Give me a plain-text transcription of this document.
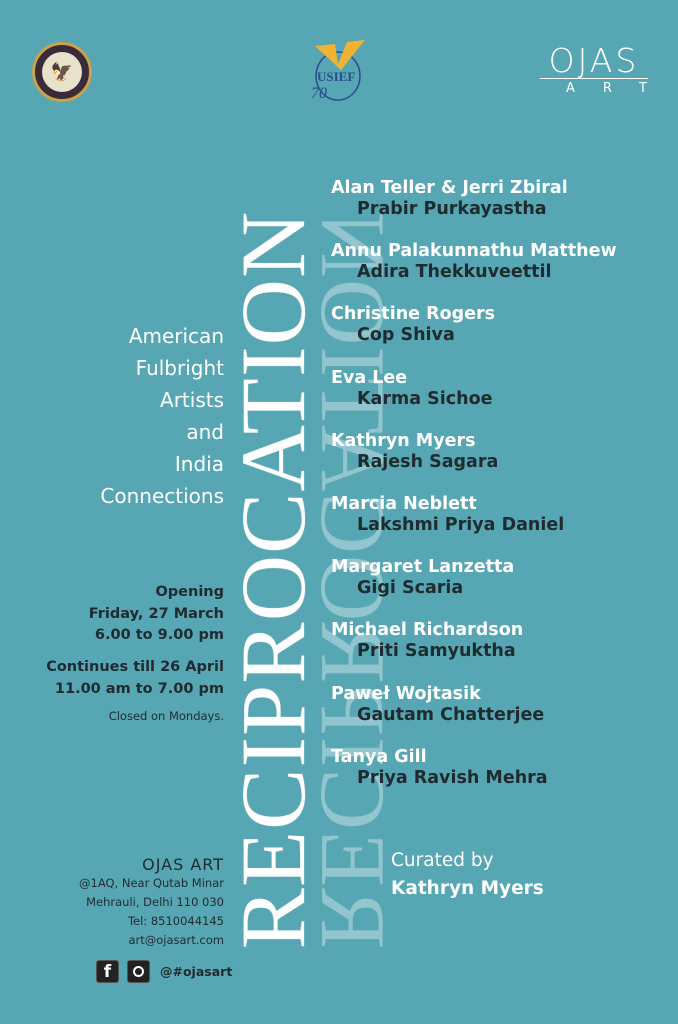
🦅	USIEF
70
OJAS
ART
RECIPROCATION
American
Fulbright
Artists
and
India
Connections
Opening
Friday, 27 March
6.00 to 9.00 pm
Continues till 26 April
11.00 am to 7.00 pm
Closed on Mondays.
OJAS ART
@1AQ, Near Qutab Minar
Mehrauli, Delhi 110 030
Tel: 8510044145
art@ojasart.com
f	@#ojasart
Alan Teller & Jerri Zbiral
Prabir Purkayastha
Annu Palakunnathu Matthew
Adira Thekkuveettil
Christine Rogers
Cop Shiva
Eva Lee
Karma Sichoe
Kathryn Myers
Rajesh Sagara
Marcia Neblett
Lakshmi Priya Daniel
Margaret Lanzetta
Gigi Scaria
Michael Richardson
Priti Samyuktha
Paweł Wojtasik
Gautam Chatterjee
Tanya Gill
Priya Ravish Mehra
Curated by
Kathryn Myers
